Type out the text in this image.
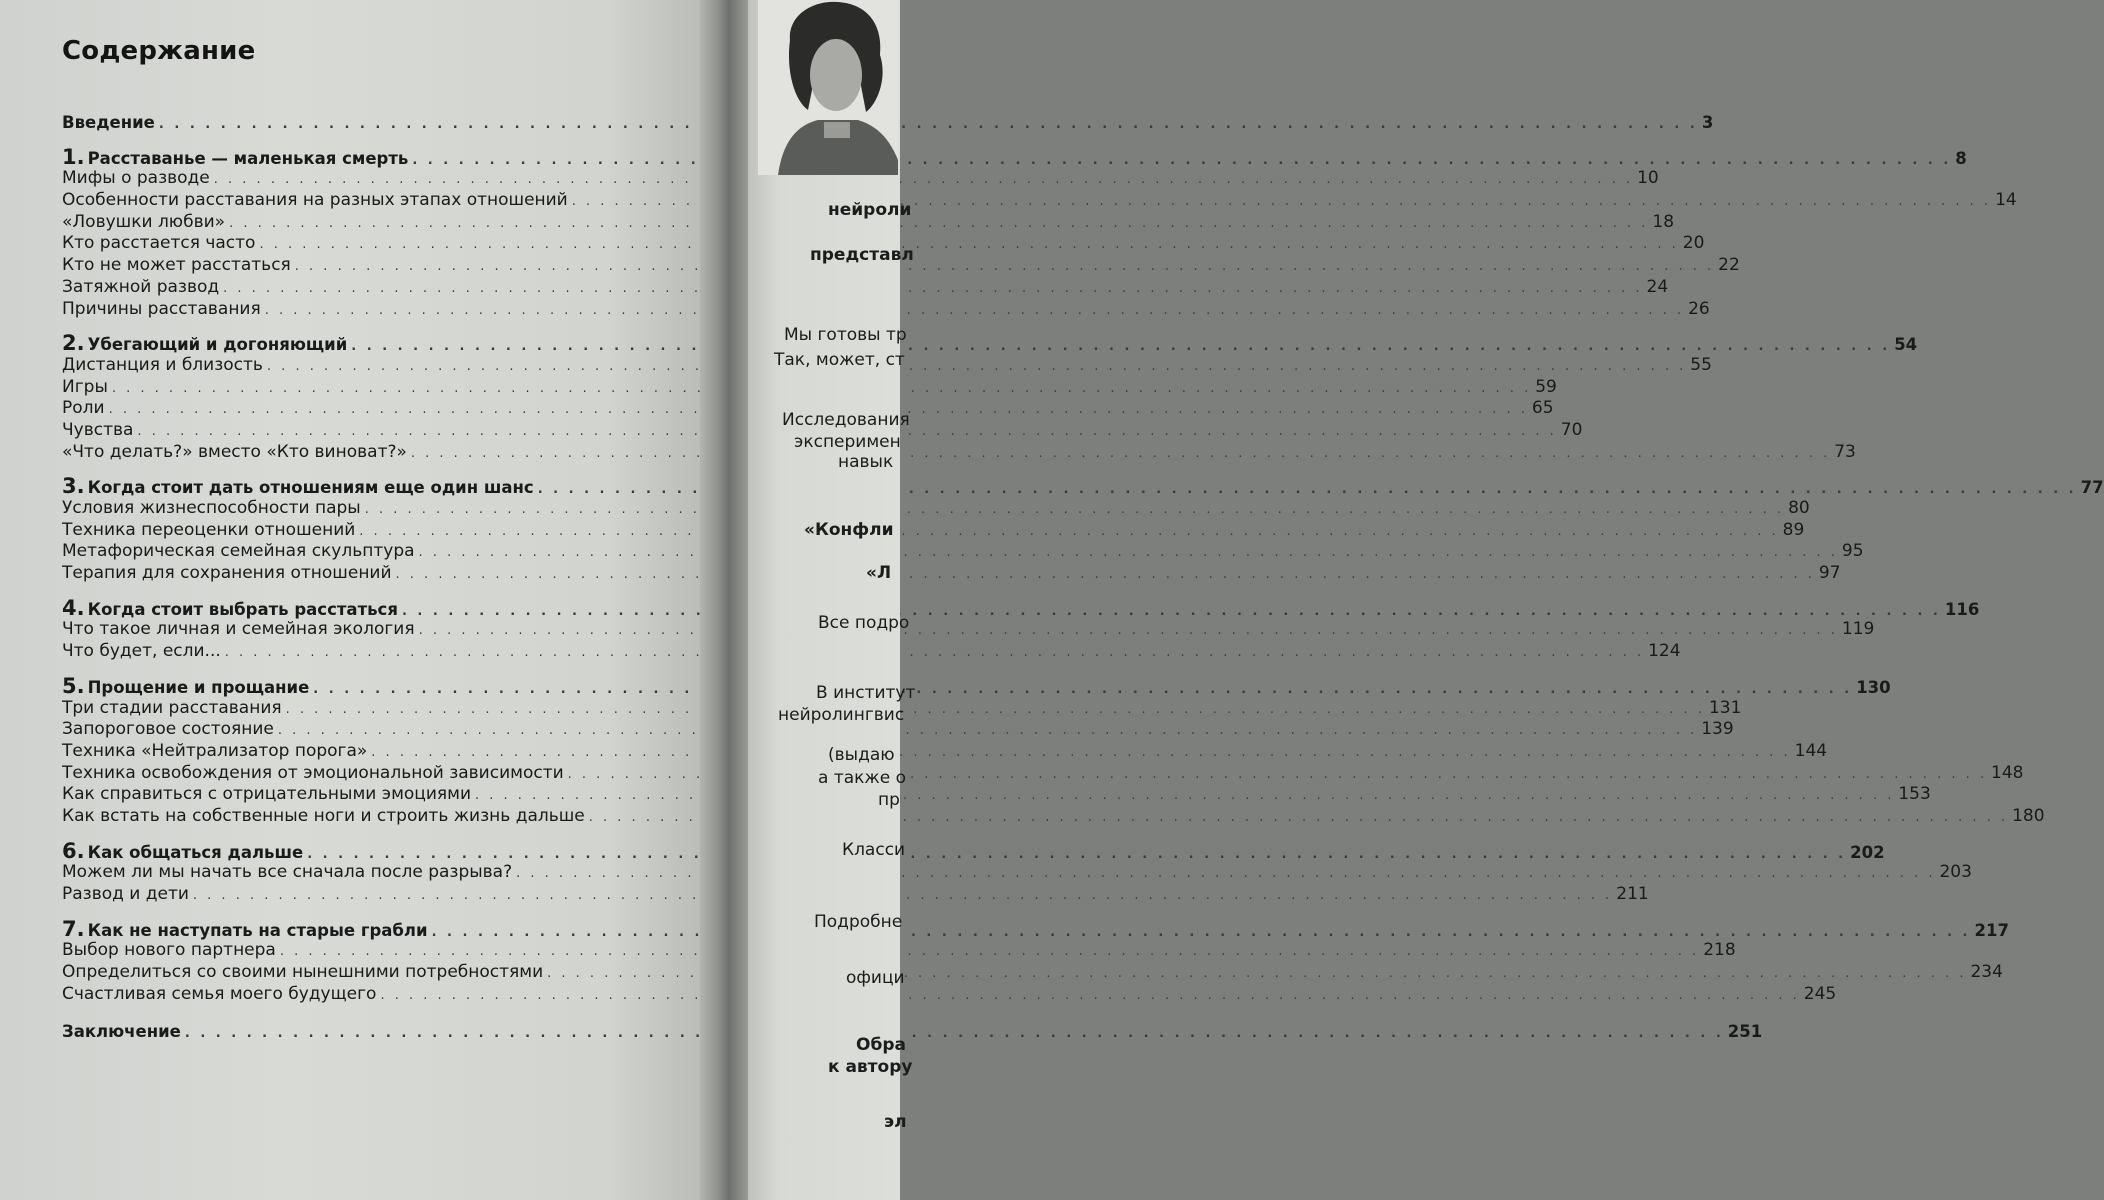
Содержание
Введение . . .	3
1. Расставанье — маленькая смерть . . .	8
Мифы о разводе . . .	10
Особенности расставания на разных этапах отношений . . .	14
«Ловушки любви» . . .	18
Кто расстается часто . . .	20
Кто не может расстаться . . .	22
Затяжной развод . . .	24
Причины расставания . . .	26
2. Убегающий и догоняющий . . .	54
Дистанция и близость . . .	55
Игры . . .	59
Роли . . .	65
Чувства . . .	70
«Что делать?» вместо «Кто виноват?» . . .	73
3. Когда стоит дать отношениям еще один шанс . . .	77
Условия жизнеспособности пары . . .	80
Техника переоценки отношений . . .	89
Метафорическая семейная скульптура . . .	95
Терапия для сохранения отношений . . .	97
4. Когда стоит выбрать расстаться . . .	116
Что такое личная и семейная экология . . .	119
Что будет, если... . . .	124
5. Прощение и прощание . . .	130
Три стадии расставания . . .	131
Запороговое состояние . . .	139
Техника «Нейтрализатор порога» . . .	144
Техника освобождения от эмоциональной зависимости . . .	148
Как справиться с отрицательными эмоциями . . .	153
Как встать на собственные ноги и строить жизнь дальше . . .	180
6. Как общаться дальше . . .	202
Можем ли мы начать все сначала после разрыва? . . .	203
Развод и дети . . .	211
7. Как не наступать на старые грабли . . .	217
Выбор нового партнера . . .	218
Определиться со своими нынешними потребностями . . .	234
Счастливая семья моего будущего . . .	245
Заключение . . .	251
нейроли
представл
Мы готовы тр
Так, может, ст
Исследования
эксперимен
навык
«Конфли
«Л
Все подро
В институт
нейролингвис
(выдаю
а также о
пр
Класси
Подробне
офици
Обра
к автору
эл
